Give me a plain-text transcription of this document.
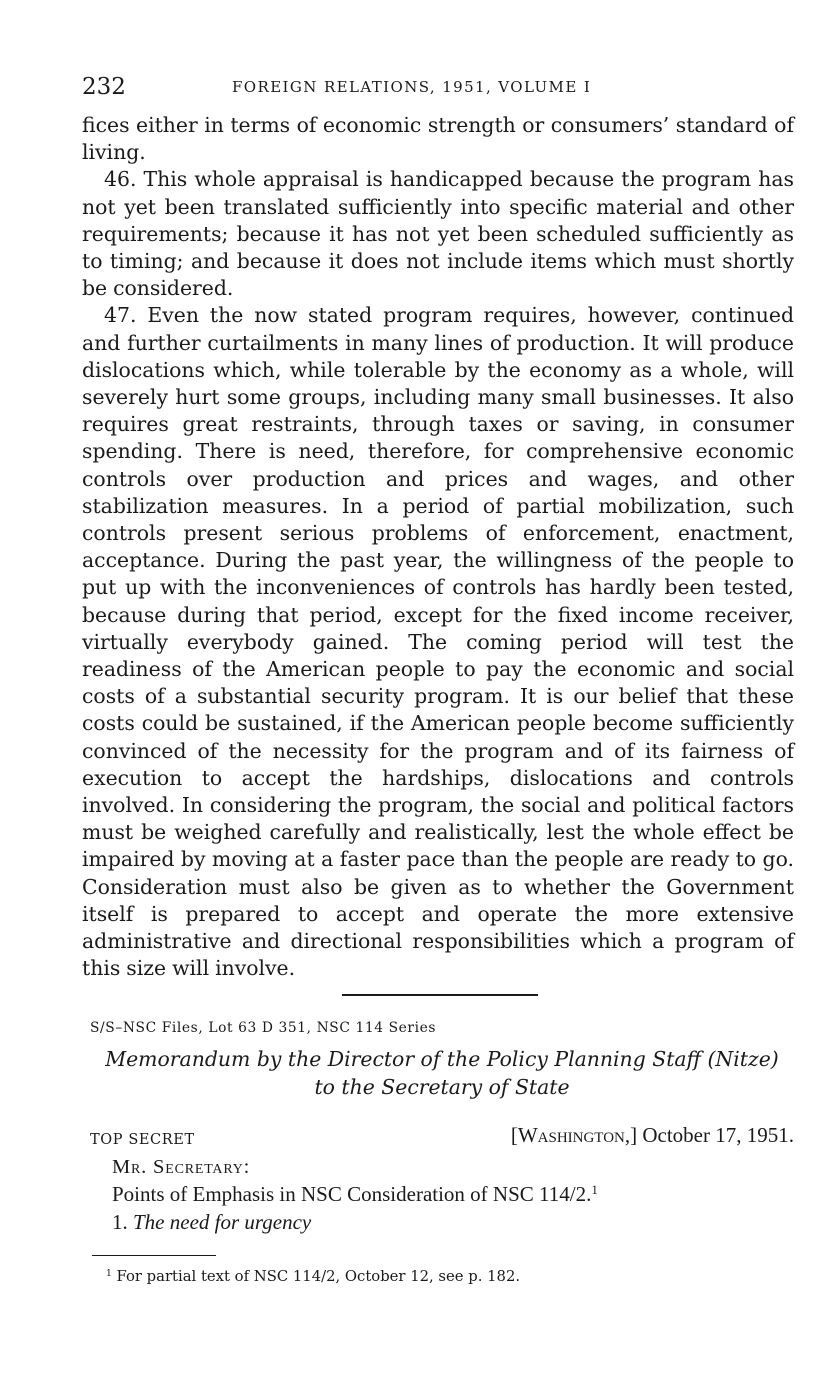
232	FOREIGN RELATIONS, 1951, VOLUME I

fices either in terms of economic strength or consumers’ standard of living.

46. This whole appraisal is handicapped because the program has not yet been translated sufficiently into specific material and other requirements; because it has not yet been scheduled sufficiently as to timing; and because it does not include items which must shortly be considered.

47. Even the now stated program requires, however, continued and further curtailments in many lines of production. It will produce dislocations which, while tolerable by the economy as a whole, will severely hurt some groups, including many small businesses. It also requires great restraints, through taxes or saving, in consumer spending. There is need, therefore, for comprehensive economic controls over production and prices and wages, and other stabilization measures. In a period of partial mobilization, such controls present serious problems of enforcement, enactment, acceptance. During the past year, the willingness of the people to put up with the inconveniences of controls has hardly been tested, because during that period, except for the fixed income receiver, virtually everybody gained. The coming period will test the readiness of the American people to pay the economic and social costs of a substantial security program. It is our belief that these costs could be sustained, if the American people become sufficiently convinced of the necessity for the program and of its fairness of execution to accept the hardships, dislocations and controls involved. In considering the program, the social and political factors must be weighed carefully and realistically, lest the whole effect be impaired by moving at a faster pace than the people are ready to go. Consideration must also be given as to whether the Government itself is prepared to accept and operate the more extensive administrative and directional responsibilities which a program of this size will involve.

S/S–NSC Files, Lot 63 D 351, NSC 114 Series
Memorandum by the Director of the Policy Planning Staff (Nitze)
to the Secretary of State
TOP SECRET	[Washington,] October 17, 1951.
Mr. Secretary:
Points of Emphasis in NSC Consideration of NSC 114/2.$^1$
1. The need for urgency
$^1$ For partial text of NSC 114/2, October 12, see p. 182.
